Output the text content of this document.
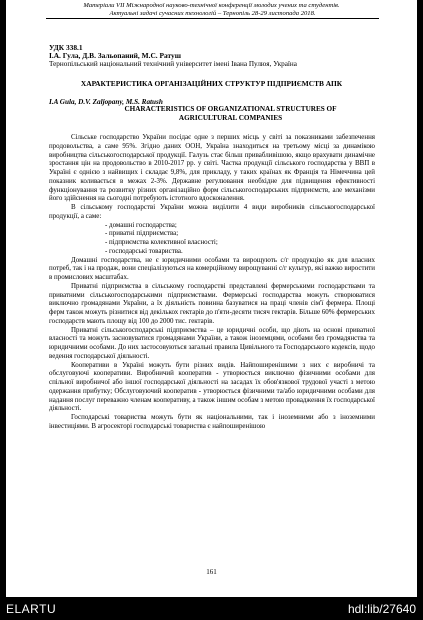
Матеріали VII Міжнародної науково-технічної конференції молодих учених та студентів.
Актуальні задачі сучасних технологій – Тернопіль 28-29 листопада 2018.
УДК 338.1
І.А. Гула, Д.В. Зальопаний, М.С. Ратуш
Тернопільський національний технічний університет імені Івана Пулюя, Україна
ХАРАКТЕРИСТИКА ОРГАНІЗАЦІЙНИХ СТРУКТУР ПІДПРИЄМСТВ АПК
I.A Gula, D.V. Zaljopany, M.S. Ratush
CHARACTERISTICS OF ORGANIZATIONAL STRUCTURES OF AGRICULTURAL COMPANIES

Сільське господарство України посідає одне з перших місць у світі за показниками забезпечення продовольства, а саме 95%. Згідно даних ООН, Україна знаходиться на третьому місці за динамікою виробництва сільськогосподарської продукції. Галузь стає більш привабливішою, якщо врахувати динамічне зростання цін на продовольство в 2010-2017 рр. у світі. Частка продукції сільського господарства у ВВП в Україні є однією з найвищих і складає 9,8%, для прикладу, у таких країнах як Франція та Німеччина цей показник коливається в межах 2-3%. Державне регулювання необхідне для підвищення ефективності функціонування та розвитку різних організаційно форм сільськогосподарських підприємств, але механізми його здійснення на сьогодні потребують істотного вдосконалення.

В сільському господарстві України можна виділити 4 види виробників сільськогосподарської продукції, а саме:

- домашні господарства;
- приватні підприємства;
- підприємства колективної власності;
- господарські товариства.

Домашні господарства, не є юридичними особами та вирощують с/г продукцію як для власних потреб, так і на продаж, вони спеціалізуються на комерційному вирощуванні с/г культур, які важко виростити в промислових масштабах.

Приватні підприємства в сільському господарстві представлені фермерськими господарствами та приватними сільськогосподарськими підприємствами. Фермерські господарства можуть створюватися виключно громадянами України, а їх діяльність повинна базуватися на праці членів сім'ї фермера. Площі ферм також можуть різнитися від декількох гектарів до п'яти-десяти тисяч гектарів. Більше 60% фермерських господарств мають площу від 100 до 2000 тис. гектарів.

Приватні сільськогосподарські підприємства – це юридичні особи, що діють на основі приватної власності та можуть засновуватися громадянами України, а також іноземцями, особами без громадянства та юридичними особами. До них застосовуються загальні правила Цивільного та Господарського кодексів, щодо ведення господарської діяльності.

Кооперативи в Україні можуть бути різних видів. Найпоширенішими з них є виробничі та обслуговуючі кооперативи. Виробничий кооператив - утворюється виключно фізичними особами для спільної виробничої або іншої господарської діяльності на засадах їх обов'язкової трудової участі з метою одержання прибутку; Обслуговуючий кооператив - утворюється фізичними та/або юридичними особами для надання послуг переважно членам кооперативу, а також іншим особам з метою провадження їх господарської діяльності.

Господарські товариства можуть бути як національними, так і іноземними або з іноземними інвестиціями. В агросекторі господарські товариства є найпоширенішою

161
ELARTU	hdl:lib/27640
